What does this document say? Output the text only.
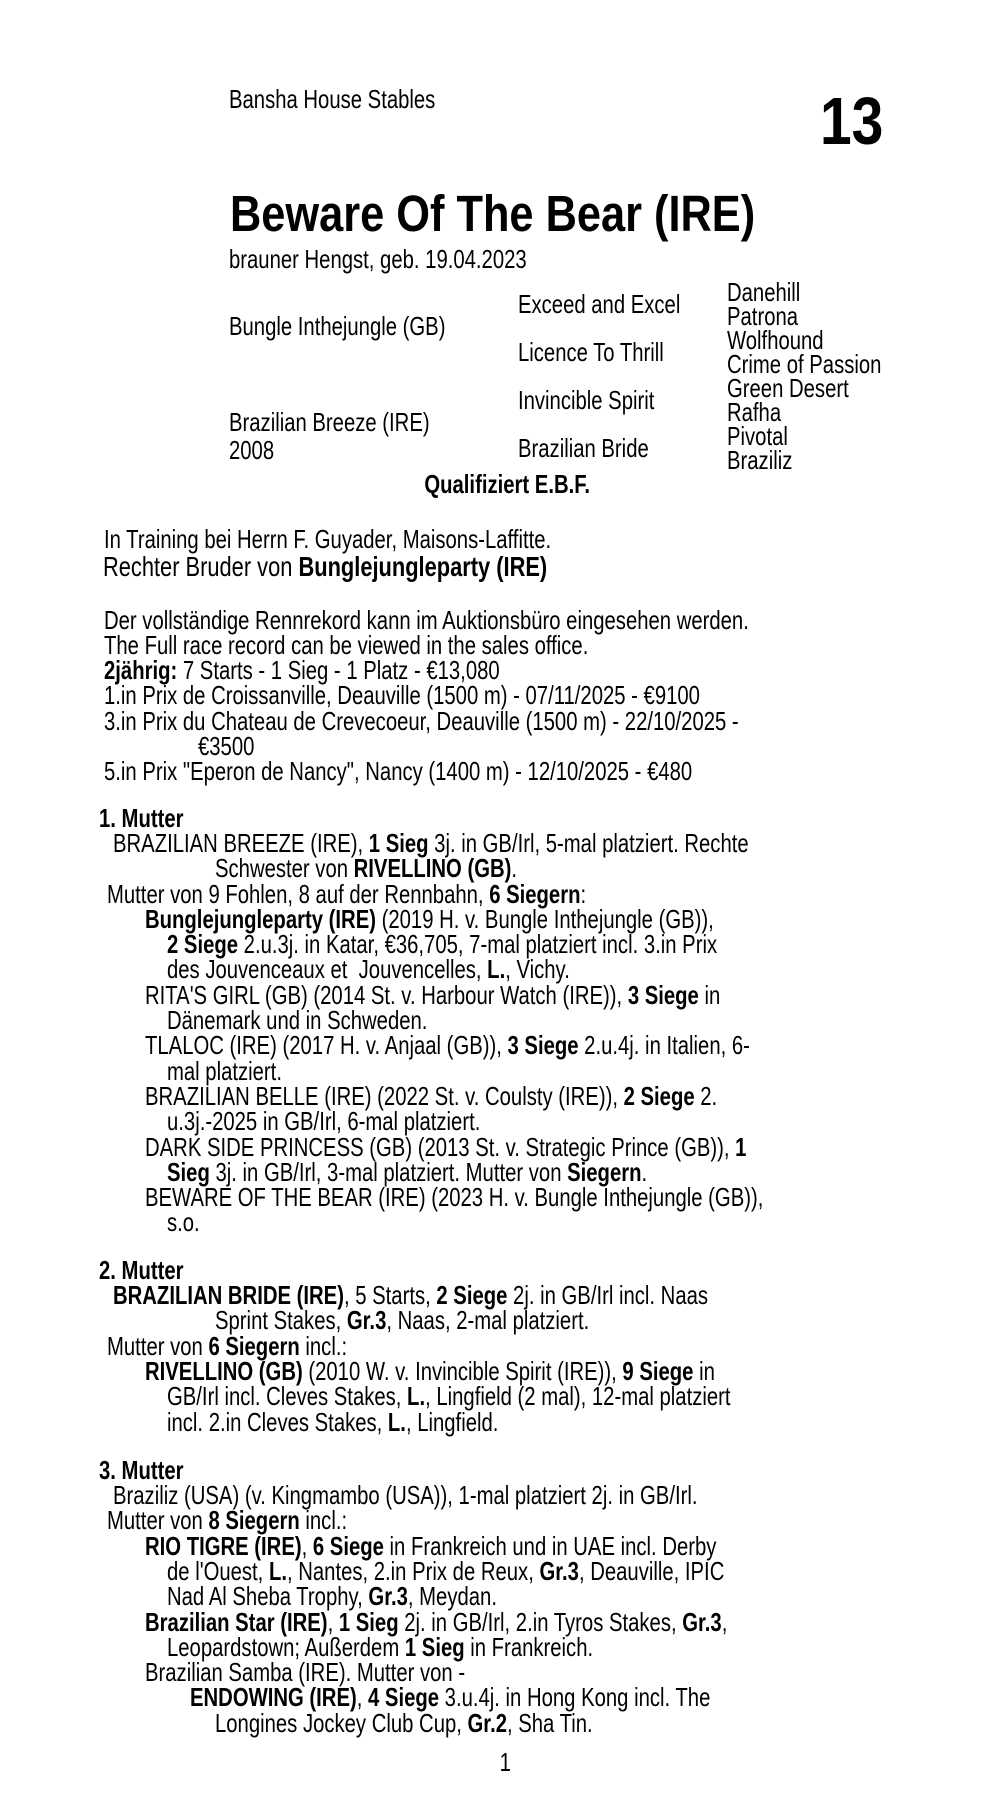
Bansha House Stables	13
Beware Of The Bear (IRE)
brauner Hengst, geb. 19.04.2023
Bungle Inthejungle (GB)
Brazilian Breeze (IRE)
2008
Exceed and Excel
Licence To Thrill
Invincible Spirit
Brazilian Bride
Danehill
Patrona
Wolfhound
Crime of Passion
Green Desert
Rafha
Pivotal
Braziliz
Qualifiziert E.B.F.
In Training bei Herrn F. Guyader, Maisons-Laffitte.
Rechter Bruder von Bunglejungleparty (IRE)
Der vollständige Rennrekord kann im Auktionsbüro eingesehen werden.
The Full race record can be viewed in the sales office.
2jährig: 7 Starts - 1 Sieg - 1 Platz - €13,080
1.in Prix de Croissanville, Deauville (1500 m) - 07/11/2025 - €9100
3.in Prix du Chateau de Crevecoeur, Deauville (1500 m) - 22/10/2025 -
€3500
5.in Prix "Eperon de Nancy", Nancy (1400 m) - 12/10/2025 - €480
1. Mutter
BRAZILIAN BREEZE (IRE), 1 Sieg 3j. in GB/Irl, 5-mal platziert. Rechte
Schwester von RIVELLINO (GB).
Mutter von 9 Fohlen, 8 auf der Rennbahn, 6 Siegern:
Bunglejungleparty (IRE) (2019 H. v. Bungle Inthejungle (GB)),
2 Siege 2.u.3j. in Katar, €36,705, 7-mal platziert incl. 3.in Prix
des Jouvenceaux et  Jouvencelles, L., Vichy.
RITA'S GIRL (GB) (2014 St. v. Harbour Watch (IRE)), 3 Siege in
Dänemark und in Schweden.
TLALOC (IRE) (2017 H. v. Anjaal (GB)), 3 Siege 2.u.4j. in Italien, 6-
mal platziert.
BRAZILIAN BELLE (IRE) (2022 St. v. Coulsty (IRE)), 2 Siege 2.
u.3j.-2025 in GB/Irl, 6-mal platziert.
DARK SIDE PRINCESS (GB) (2013 St. v. Strategic Prince (GB)), 1
Sieg 3j. in GB/Irl, 3-mal platziert. Mutter von Siegern.
BEWARE OF THE BEAR (IRE) (2023 H. v. Bungle Inthejungle (GB)),
s.o.
2. Mutter
BRAZILIAN BRIDE (IRE), 5 Starts, 2 Siege 2j. in GB/Irl incl. Naas
Sprint Stakes, Gr.3, Naas, 2-mal platziert.
Mutter von 6 Siegern incl.:
RIVELLINO (GB) (2010 W. v. Invincible Spirit (IRE)), 9 Siege in
GB/Irl incl. Cleves Stakes, L., Lingfield (2 mal), 12-mal platziert
incl. 2.in Cleves Stakes, L., Lingfield.
3. Mutter
Braziliz (USA) (v. Kingmambo (USA)), 1-mal platziert 2j. in GB/Irl.
Mutter von 8 Siegern incl.:
RIO TIGRE (IRE), 6 Siege in Frankreich und in UAE incl. Derby
de l'Ouest, L., Nantes, 2.in Prix de Reux, Gr.3, Deauville, IPIC
Nad Al Sheba Trophy, Gr.3, Meydan.
Brazilian Star (IRE), 1 Sieg 2j. in GB/Irl, 2.in Tyros Stakes, Gr.3,
Leopardstown; Außerdem 1 Sieg in Frankreich.
Brazilian Samba (IRE). Mutter von -
ENDOWING (IRE), 4 Siege 3.u.4j. in Hong Kong incl. The
Longines Jockey Club Cup, Gr.2, Sha Tin.
1
